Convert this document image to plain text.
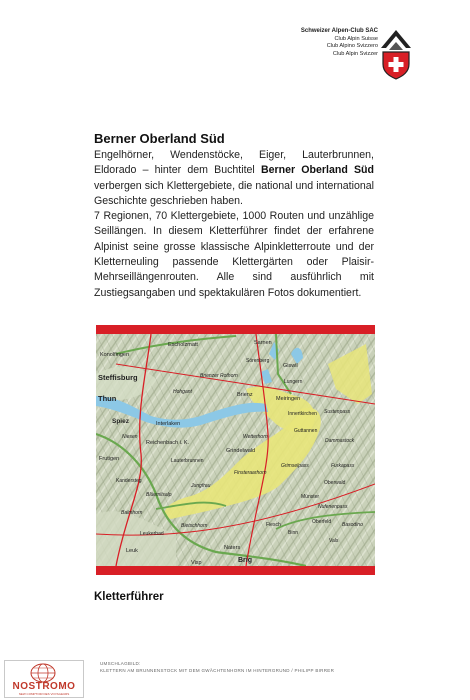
Schweizer Alpen-Club SAC
Club Alpin Suisse
Club Alpino Svizzero
Club Alpin Svizzer
Berner Oberland Süd

Engelhörner, Wendenstöcke, Eiger, Lauterbrunnen, Eldorado – hinter dem Buchtitel Berner Oberland Süd verbergen sich Klettergebiete, die national und international Geschichte geschrieben haben.

7 Regionen, 70 Klettergebiete, 1000 Routen und unzählige Seillängen. In diesem Kletterführer findet der erfahrene Alpinist seine grosse klassische Alpinkletterroute und der Kletterneuling passende Klettergärten oder Plaisir-Mehrseillängenrouten. Alle sind ausführlich mit Zustiegsangaben und spektakulären Fotos dokumentiert.

Escholzmatt	Sarnen
Konolfingen
Sörenberg
Giswil
Steffisburg
Thun
Brienzer Rothorn
Lungern
Hohgant	Brienz
Meiringen
Spiez	Interlaken
Innertkirchen Sustenpass
Niesen
Reichenbach i. K.
Guttannen
Wetterhorn
Frutigen	Lauterbrunnen
Grindelwald
Dammastock
Grimselpass	Furkapass
Kandersteg
Jungfrau
Finsteraarhorn
Blüemlisalp
Oberwald
Münster
Nufenenpass
Balmhorn
Bietschhorn	Fiesch
Binn
Oberfeld Basodino
Leukerbad
Leuk	Naters
Brig
Visp
Vals
Kletterführer
UMSCHLAGBILD:
KLETTERN AM BRUNNENSTOCK MIT DEM GWÄCHTENHORN IM HINTERGRUND / PHILIPP BIRRER
NOSTROMO
NEW COMPTOIR DES VOYAGEURS
